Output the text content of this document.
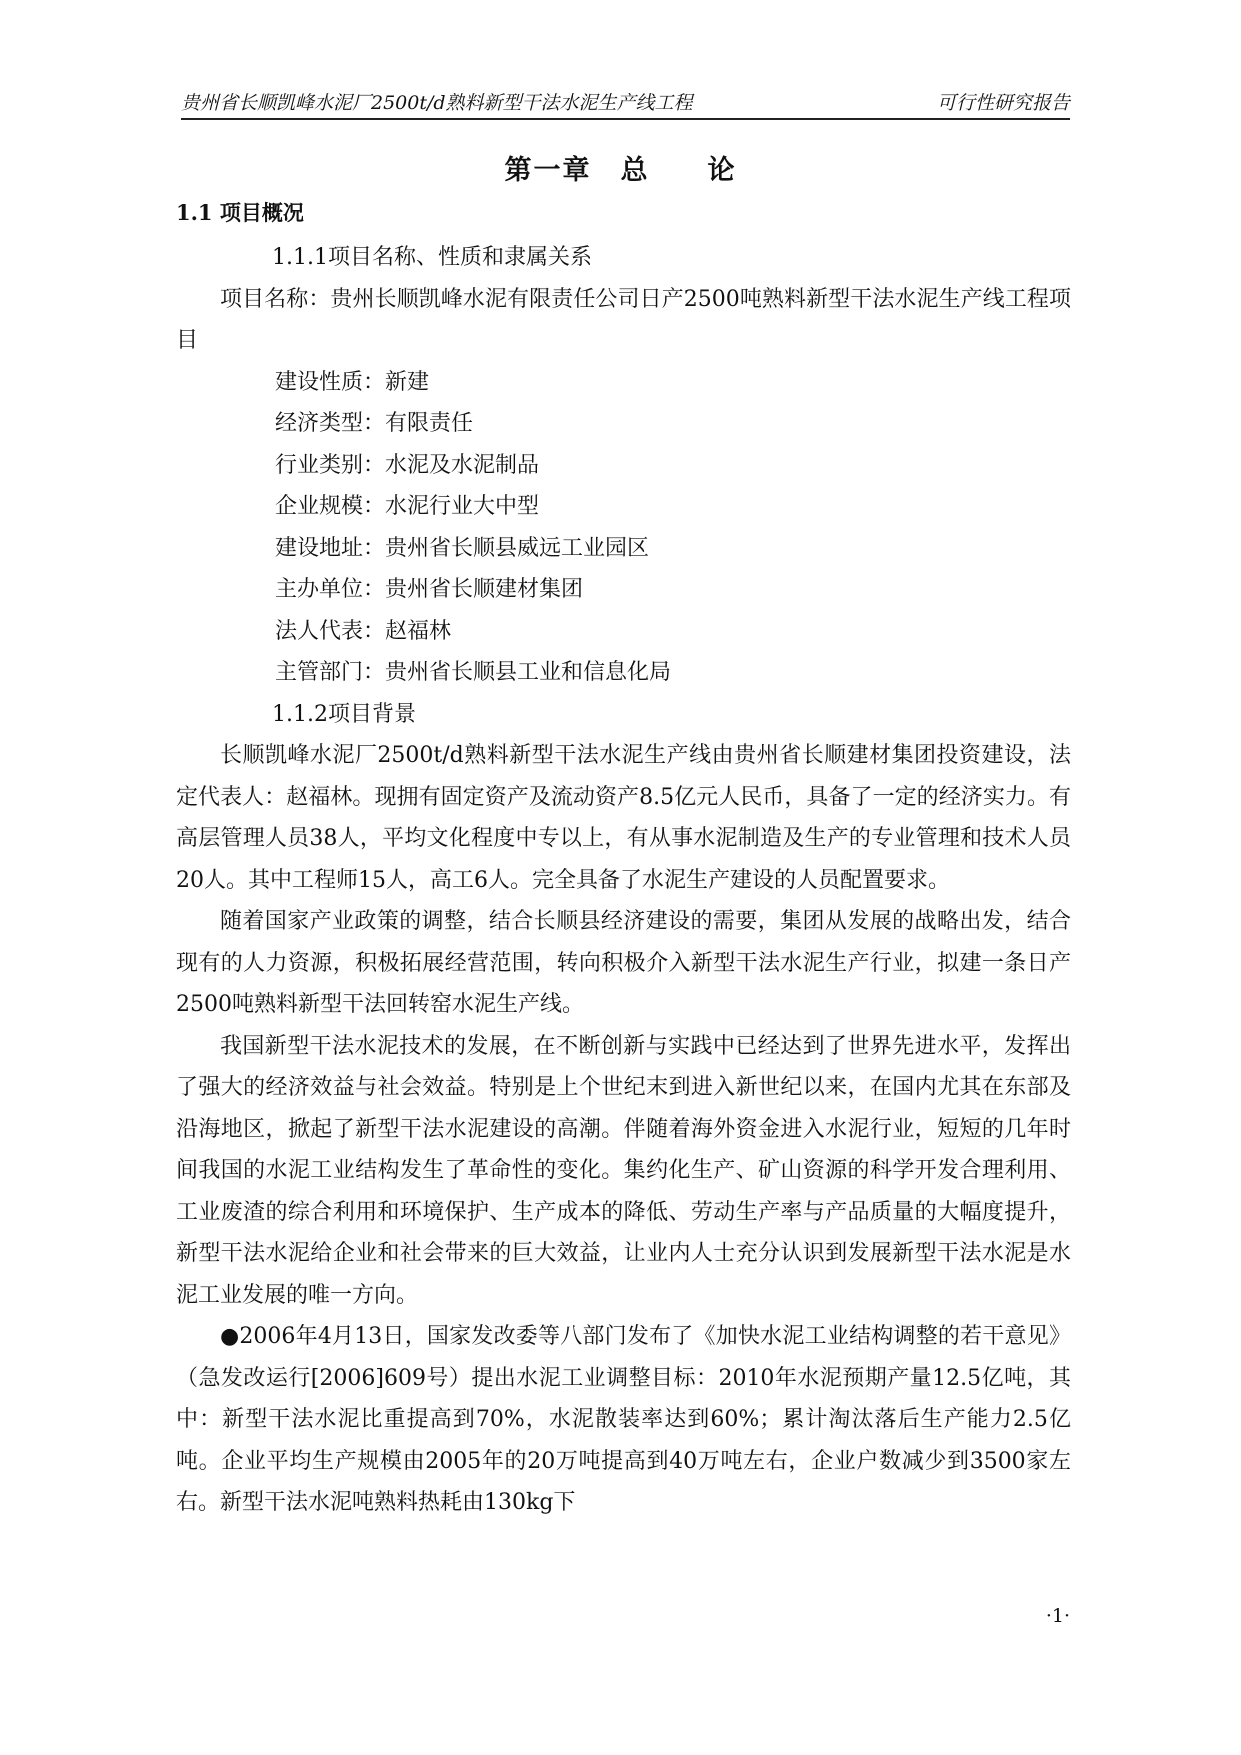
贵州省长顺凯峰水泥厂2500t/d熟料新型干法水泥生产线工程	可行性研究报告
第一章　总　　论
1.1 项目概况

1.1.1项目名称、性质和隶属关系

项目名称：贵州长顺凯峰水泥有限责任公司日产2500吨熟料新型干法水泥生产线工程项目

建设性质：新建

经济类型：有限责任

行业类别：水泥及水泥制品

企业规模：水泥行业大中型

建设地址：贵州省长顺县威远工业园区

主办单位：贵州省长顺建材集团

法人代表：赵福林

主管部门：贵州省长顺县工业和信息化局

1.1.2项目背景

长顺凯峰水泥厂2500t/d熟料新型干法水泥生产线由贵州省长顺建材集团投资建设，法定代表人：赵福林。现拥有固定资产及流动资产8.5亿元人民币，具备了一定的经济实力。有高层管理人员38人，平均文化程度中专以上，有从事水泥制造及生产的专业管理和技术人员20人。其中工程师15人，高工6人。完全具备了水泥生产建设的人员配置要求。

随着国家产业政策的调整，结合长顺县经济建设的需要，集团从发展的战略出发，结合现有的人力资源，积极拓展经营范围，转向积极介入新型干法水泥生产行业，拟建一条日产2500吨熟料新型干法回转窑水泥生产线。

我国新型干法水泥技术的发展，在不断创新与实践中已经达到了世界先进水平，发挥出了强大的经济效益与社会效益。特别是上个世纪末到进入新世纪以来，在国内尤其在东部及沿海地区，掀起了新型干法水泥建设的高潮。伴随着海外资金进入水泥行业，短短的几年时间我国的水泥工业结构发生了革命性的变化。集约化生产、矿山资源的科学开发合理利用、工业废渣的综合利用和环境保护、生产成本的降低、劳动生产率与产品质量的大幅度提升，新型干法水泥给企业和社会带来的巨大效益，让业内人士充分认识到发展新型干法水泥是水泥工业发展的唯一方向。

●2006年4月13日，国家发改委等八部门发布了《加快水泥工业结构调整的若干意见》（急发改运行[2006]609号）提出水泥工业调整目标：2010年水泥预期产量12.5亿吨，其中：新型干法水泥比重提高到70%，水泥散装率达到60%；累计淘汰落后生产能力2.5亿吨。企业平均生产规模由2005年的20万吨提高到40万吨左右，企业户数减少到3500家左右。新型干法水泥吨熟料热耗由130kg下

·1·
